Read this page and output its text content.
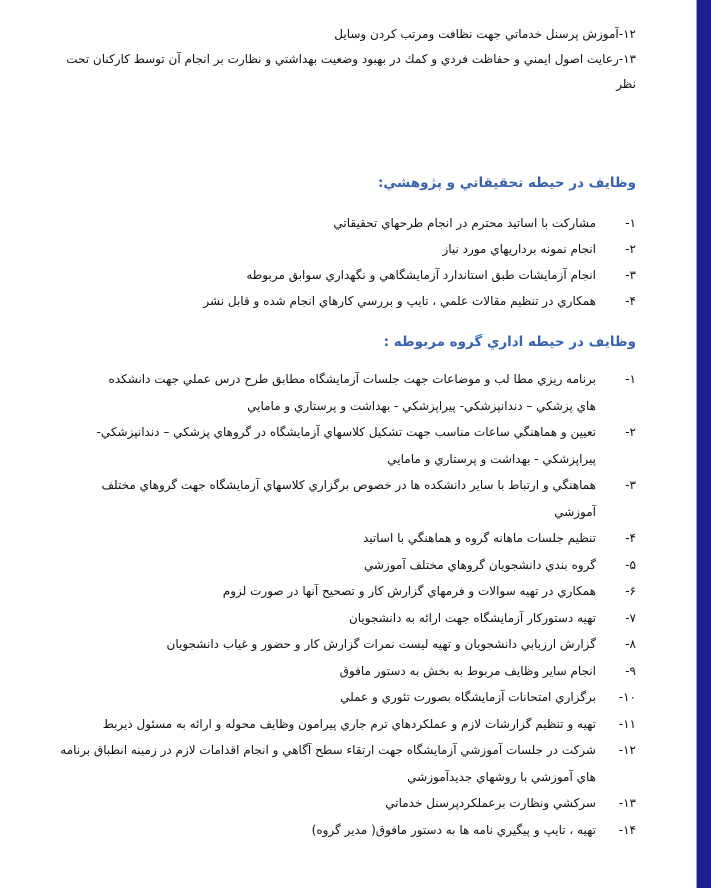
۱۲-آموزش پرسنل خدماتي جهت نظافت ومرتب كردن وسايل
۱۳-رعايت اصول ايمني و حفاظت فردي و كمك در بهبود وضعيت بهداشتي و نظارت بر انجام آن توسط كاركنان تحت
نظر
وظايف در حيطه تحقيقاتي و پژوهشي:
۱-
مشاركت با اساتيد محترم در انجام طرحهاي تحقيقاتي
۲-
انجام نمونه برداريهاي مورد نياز
۳-
انجام آزمايشات طبق استاندارد آزمايشگاهي و نگهداري سوابق مربوطه
۴-
همكاري در تنظيم مقالات علمي ، تايپ و بررسي كارهاي انجام شده و قابل نشر
وظايف در حيطه اداري گروه مربوطه :
۱-
برنامه ريزي مطا لب و موضاعات جهت جلسات آزمايشگاه مطابق طرح درس عملي جهت دانشكده
هاي پزشكي – دندانپزشكي- پيراپزشكي - بهداشت و پرستاري و مامايي
۲-
تعيين و هماهنگي ساعات مناسب جهت تشكيل كلاسهاي آزمايشگاه در گروهاي پزشكي – دندانپزشكي-
پيراپزشكي - بهداشت و پرستاري و مامايي
۳-
هماهنگي و ارتباط با ساير دانشكده ها در خصوص برگزاري كلاسهاي آزمايشگاه جهت گروهاي مختلف
آموزشي
۴-
تنظيم جلسات ماهانه گروه و هماهنگي با اساتيد
۵-
گروه بندي دانشجويان گروهاي مختلف آموزشي
۶-
همكاري در تهيه سوالات و فرمهاي گزارش كار و تصحيح آنها در صورت لزوم
۷-
تهيه دستوركار آزمايشگاه جهت ارائه به دانشجويان
۸-
گزارش ارزيابي دانشجويان و تهيه ليست نمرات گزارش كار و حضور و غياب دانشجويان
۹-
انجام ساير وظايف مربوط به بخش به دستور مافوق
۱۰-
برگزاري امتحانات آزمايشگاه بصورت تئوري و عملي
۱۱-
تهيه و تنظيم گزارشات لازم و عملكردهاي ترم جاري پيرامون وظايف محوله و ارائه به مسئول ذيربط
۱۲-
شركت در جلسات آموزشي آزمايشگاه جهت ارتقاء سطح آگاهي و انجام اقدامات لازم در زمينه انطباق برنامه
هاي آموزشي با روشهاي جديدآموزشي
۱۳-
سركشي ونظارت برعملكردپرسنل خدماتي
۱۴-
تهيه ، تايپ و پيگيري نامه ها به دستور مافوق( مدير گروه)
